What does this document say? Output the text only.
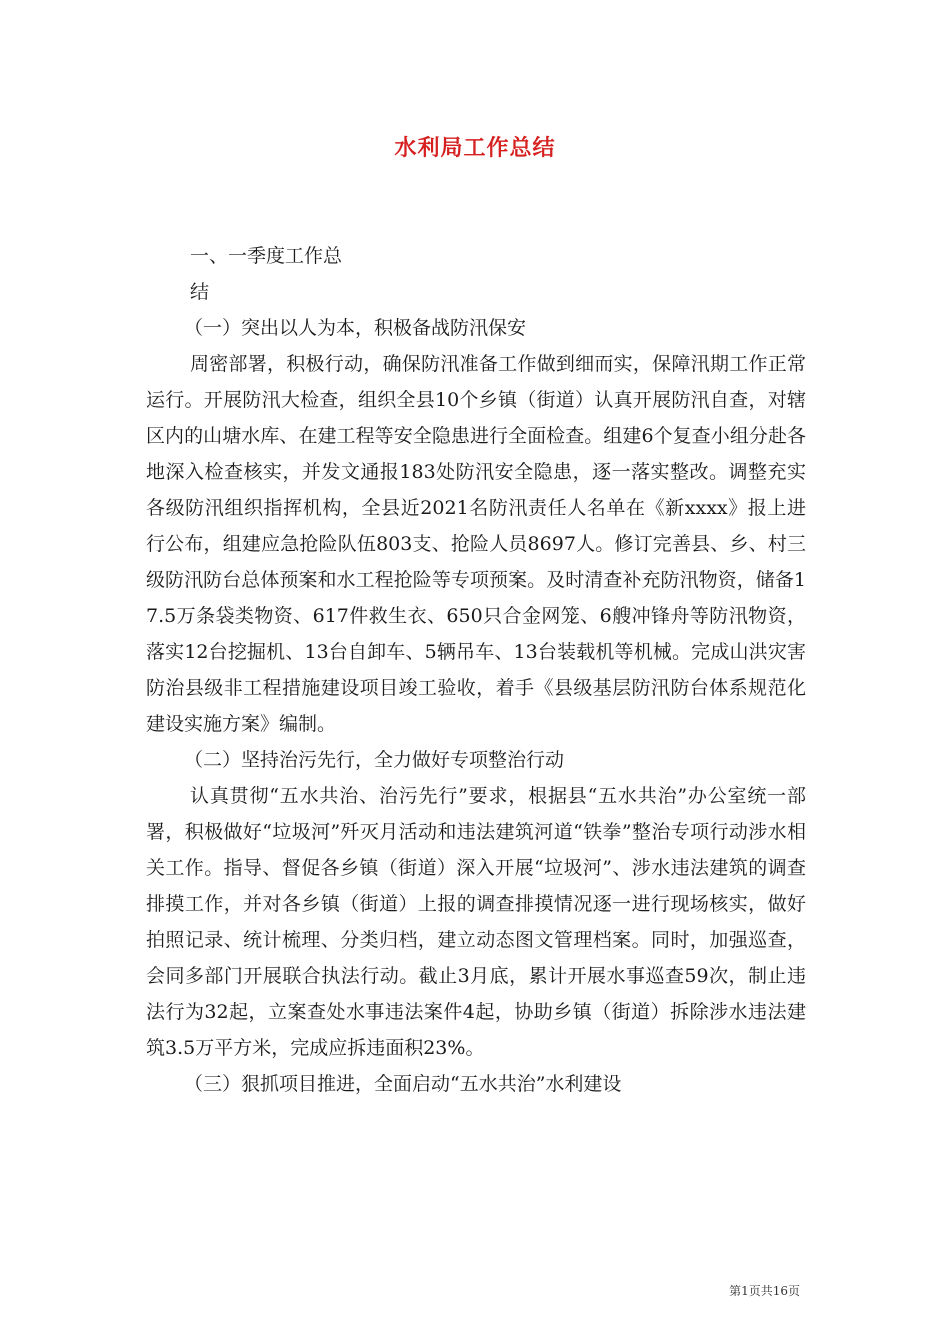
水利局工作总结
一、一季度工作总结
（一）突出以人为本，积极备战防汛保安
周密部署，积极行动，确保防汛准备工作做到细而实，保障汛期工作正常运行。开展防汛大检查，组织全县10个乡镇（街道）认真开展防汛自查，对辖区内的山塘水库、在建工程等安全隐患进行全面检查。组建6个复查小组分赴各地深入检查核实，并发文通报183处防汛安全隐患，逐一落实整改。调整充实各级防汛组织指挥机构，全县近2021名防汛责任人名单在《新xxxx》报上进行公布，组建应急抢险队伍803支、抢险人员8697人。修订完善县、乡、村三级防汛防台总体预案和水工程抢险等专项预案。及时清查补充防汛物资，储备17.5万条袋类物资、617件救生衣、650只合金网笼、6艘冲锋舟等防汛物资，落实12台挖掘机、13台自卸车、5辆吊车、13台装载机等机械。完成山洪灾害防治县级非工程措施建设项目竣工验收，着手《县级基层防汛防台体系规范化建设实施方案》编制。
（二）坚持治污先行，全力做好专项整治行动
认真贯彻“五水共治、治污先行”要求，根据县“五水共治”办公室统一部署，积极做好“垃圾河”歼灭月活动和违法建筑河道“铁拳”整治专项行动涉水相关工作。指导、督促各乡镇（街道）深入开展“垃圾河”、涉水违法建筑的调查排摸工作，并对各乡镇（街道）上报的调查排摸情况逐一进行现场核实，做好拍照记录、统计梳理、分类归档，建立动态图文管理档案。同时，加强巡查，会同多部门开展联合执法行动。截止3月底，累计开展水事巡查59次，制止违法行为32起，立案查处水事违法案件4起，协助乡镇（街道）拆除涉水违法建筑3.5万平方米，完成应拆违面积23%。
（三）狠抓项目推进，全面启动“五水共治”水利建设
第1页共16页
